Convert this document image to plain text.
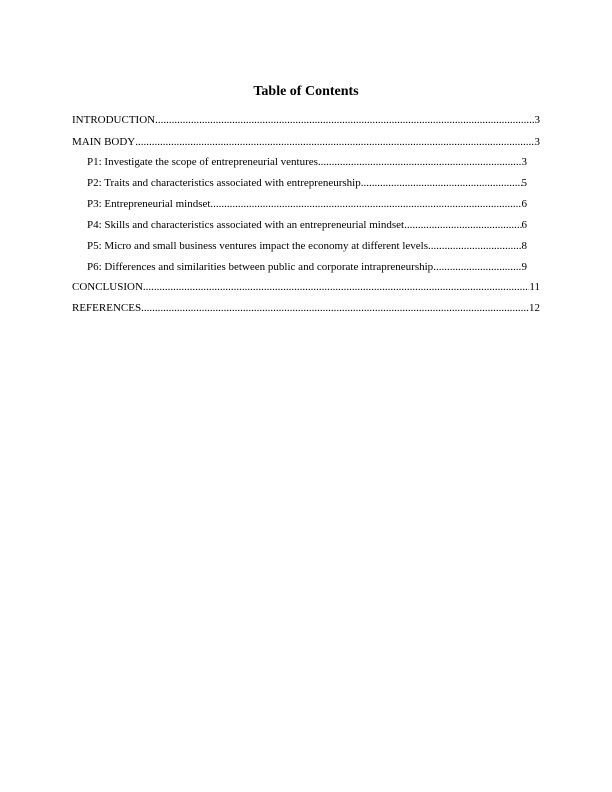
Table of Contents
INTRODUCTION .....	3
MAIN BODY .....	3
P1: Investigate the scope of entrepreneurial ventures .....	3
P2: Traits and characteristics associated with entrepreneurship .....	5
P3: Entrepreneurial mindset .....	6
P4: Skills and characteristics associated with an entrepreneurial mindset .....	6
P5: Micro and small business ventures impact the economy at different levels .....	8
P6: Differences and similarities between public and corporate intrapreneurship .....	9
CONCLUSION .....	11
REFERENCES .....	12
